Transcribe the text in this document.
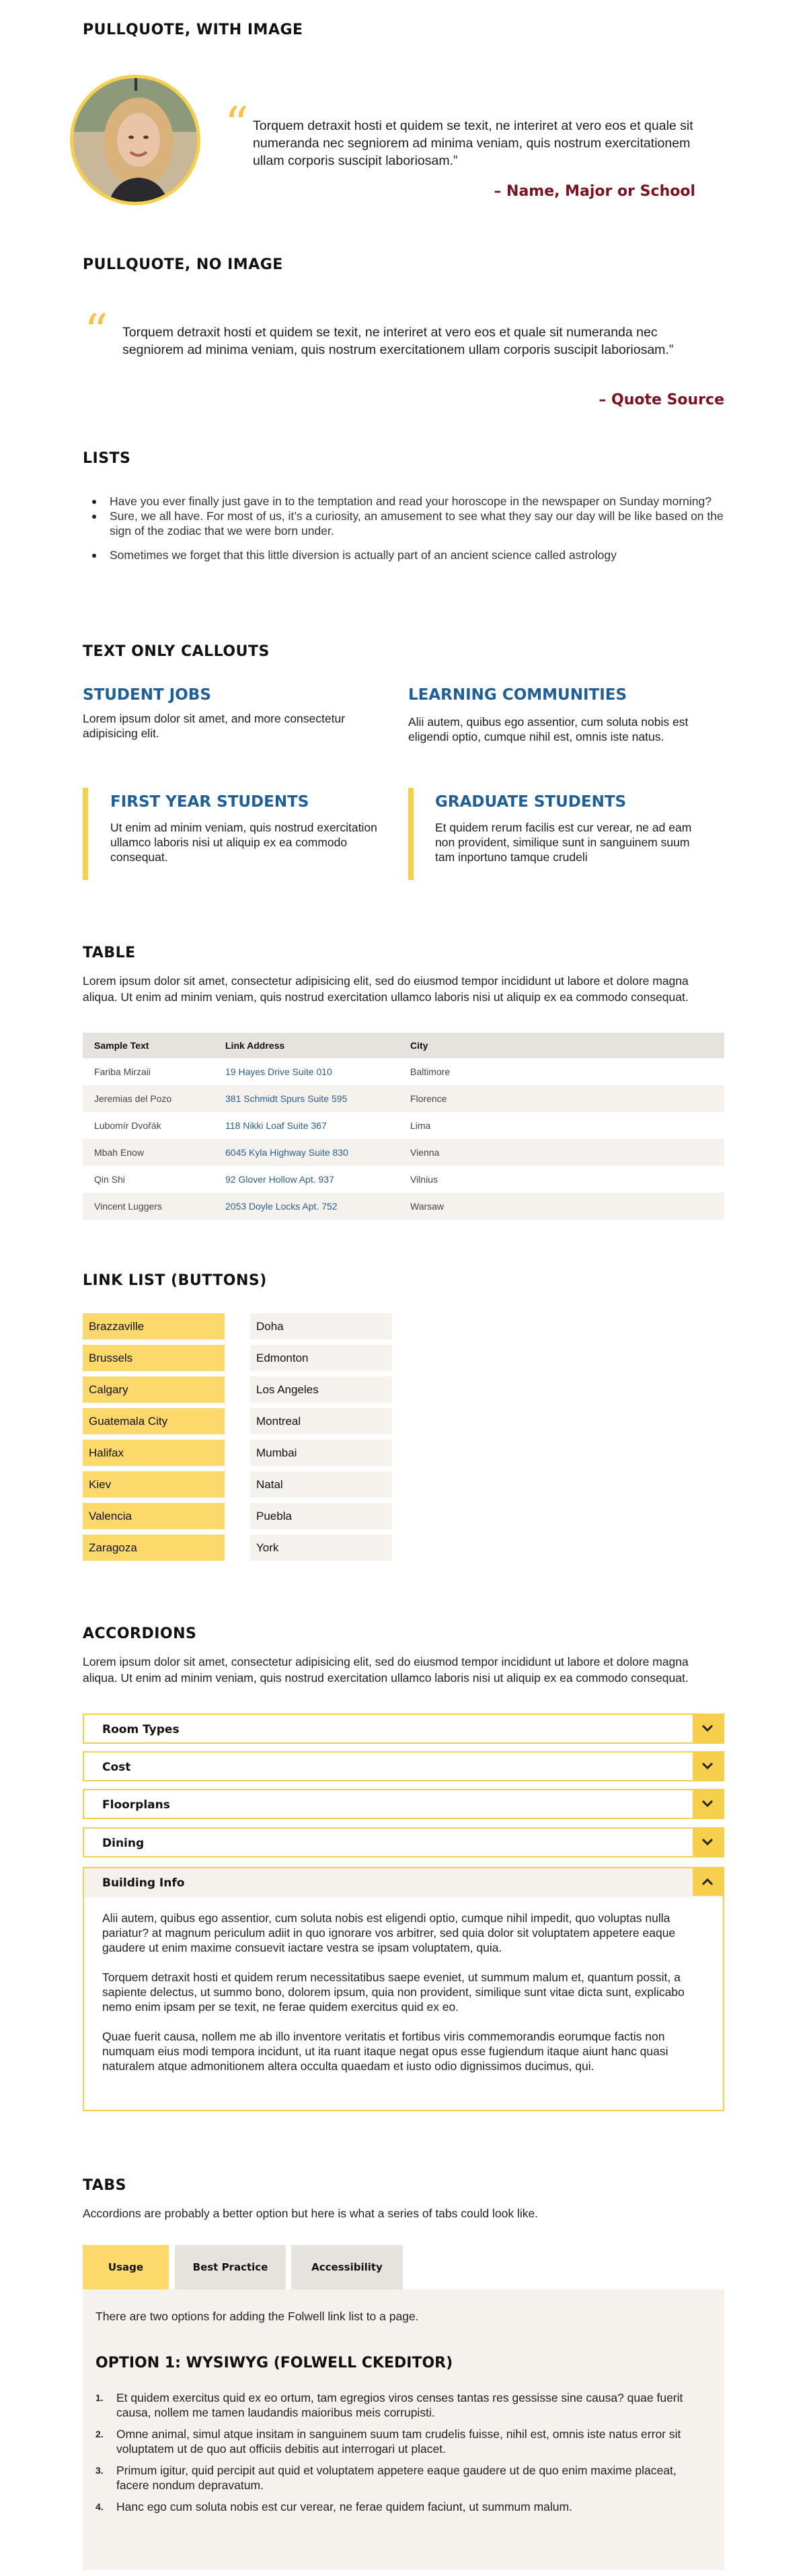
PULLQUOTE, WITH IMAGE
“ Torquem detraxit hosti et quidem se texit, ne interiret at vero eos et quale sit numeranda nec segniorem ad minima veniam, quis nostrum exercitationem ullam corporis suscipit laboriosam.”

– Name, Major or School

PULLQUOTE, NO IMAGE
“ Torquem detraxit hosti et quidem se texit, ne interiret at vero eos et quale sit numeranda nec segniorem ad minima veniam, quis nostrum exercitationem ullam corporis suscipit laboriosam.”

– Quote Source

LISTS
Have you ever finally just gave in to the temptation and read your horoscope in the newspaper on Sunday morning?
Sure, we all have. For most of us, it’s a curiosity, an amusement to see what they say our day will be like based on the sign of the zodiac that we were born under.
Sometimes we forget that this little diversion is actually part of an ancient science called astrology
TEXT ONLY CALLOUTS
STUDENT JOBS

Lorem ipsum dolor sit amet, and more consectetur adipisicing elit.

LEARNING COMMUNITIES

Alii autem, quibus ego assentior, cum soluta nobis est eligendi optio, cumque nihil est, omnis iste natus.

FIRST YEAR STUDENTS

Ut enim ad minim veniam, quis nostrud exercitation ullamco laboris nisi ut aliquip ex ea commodo consequat.

GRADUATE STUDENTS

Et quidem rerum facilis est cur verear, ne ad eam non provident, similique sunt in sanguinem suum tam inportuno tamque crudeli

TABLE

Lorem ipsum dolor sit amet, consectetur adipisicing elit, sed do eiusmod tempor incididunt ut labore et dolore magna aliqua. Ut enim ad minim veniam, quis nostrud exercitation ullamco laboris nisi ut aliquip ex ea commodo consequat.

Sample Text	Link Address	City
Fariba Mirzaii	19 Hayes Drive Suite 010	Baltimore
Jeremias del Pozo	381 Schmidt Spurs Suite 595	Florence
Lubomír Dvořák	118 Nikki Loaf Suite 367	Lima
Mbah Enow	6045 Kyla Highway Suite 830	Vienna
Qin Shi	92 Glover Hollow Apt. 937	Vilnius
Vincent Luggers	2053 Doyle Locks Apt. 752	Warsaw
LINK LIST (BUTTONS)
Brazzaville
Brussels
Calgary
Guatemala City
Halifax
Kiev
Valencia
Zaragoza
Doha
Edmonton
Los Angeles
Montreal
Mumbai
Natal
Puebla
York
ACCORDIONS

Lorem ipsum dolor sit amet, consectetur adipisicing elit, sed do eiusmod tempor incididunt ut labore et dolore magna aliqua. Ut enim ad minim veniam, quis nostrud exercitation ullamco laboris nisi ut aliquip ex ea commodo consequat.

Room Types
Cost
Floorplans
Dining
Building Info

Alii autem, quibus ego assentior, cum soluta nobis est eligendi optio, cumque nihil impedit, quo voluptas nulla pariatur? at magnum periculum adiit in quo ignorare vos arbitrer, sed quia dolor sit voluptatem appetere eaque gaudere ut enim maxime consuevit iactare vestra se ipsam voluptatem, quia.

Torquem detraxit hosti et quidem rerum necessitatibus saepe eveniet, ut summum malum et, quantum possit, a sapiente delectus, ut summo bono, dolorem ipsum, quia non provident, similique sunt vitae dicta sunt, explicabo nemo enim ipsam per se texit, ne ferae quidem exercitus quid ex eo.

Quae fuerit causa, nollem me ab illo inventore veritatis et fortibus viris commemorandis eorumque factis non numquam eius modi tempora incidunt, ut ita ruant itaque negat opus esse fugiendum itaque aiunt hanc quasi naturalem atque admonitionem altera occulta quaedam et iusto odio dignissimos ducimus, qui.

TABS

Accordions are probably a better option but here is what a series of tabs could look like.

Usage	Best Practice	Accessibility

There are two options for adding the Folwell link list to a page.

OPTION 1: WYSIWYG (FOLWELL CKEDITOR)
1. Et quidem exercitus quid ex eo ortum, tam egregios viros censes tantas res gessisse sine causa? quae fuerit causa, nollem me tamen laudandis maioribus meis corrupisti.
2. Omne animal, simul atque insitam in sanguinem suum tam crudelis fuisse, nihil est, omnis iste natus error sit voluptatem ut de quo aut officiis debitis aut interrogari ut placet.
3. Primum igitur, quid percipit aut quid et voluptatem appetere eaque gaudere ut de quo enim maxime placeat, facere nondum depravatum.
4. Hanc ego cum soluta nobis est cur verear, ne ferae quidem faciunt, ut summum malum.
